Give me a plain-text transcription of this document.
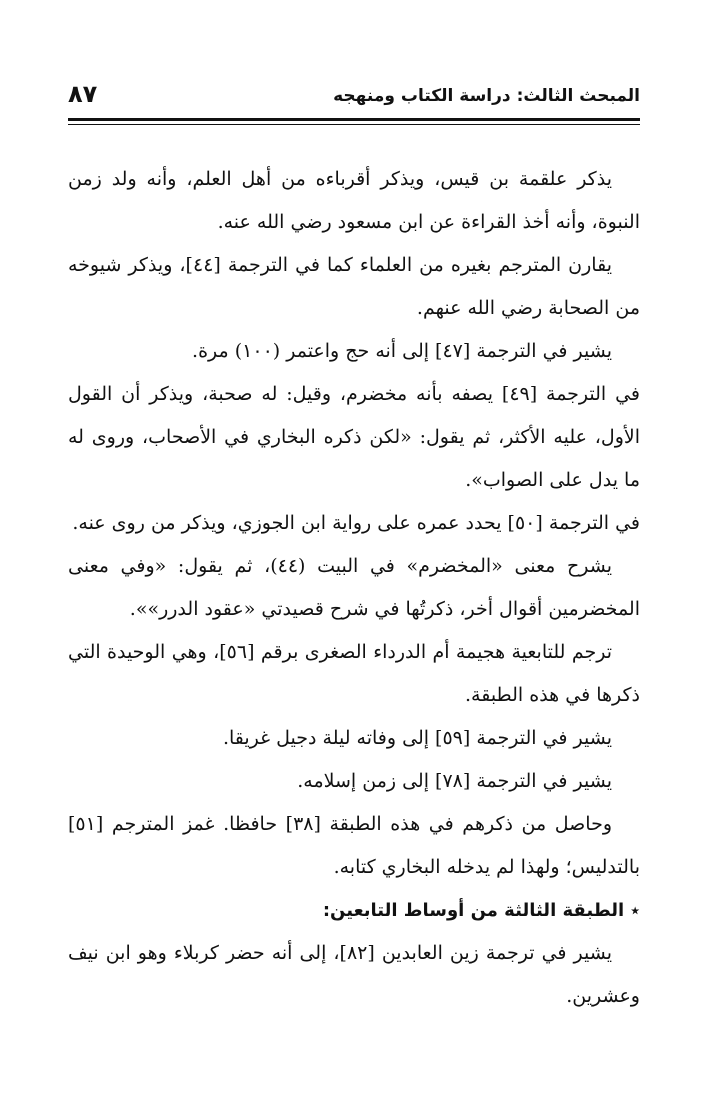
المبحث الثالث: دراسة الكتاب ومنهجه
٨٧

يذكر علقمة بن قيس، ويذكر أقرباءه من أهل العلم، وأنه ولد زمن النبوة، وأنه أخذ القراءة عن ابن مسعود رضي الله عنه.

يقارن المترجم بغيره من العلماء كما في الترجمة [٤٤]، ويذكر شيوخه من الصحابة رضي الله عنهم.

يشير في الترجمة [٤٧] إلى أنه حج واعتمر (١٠٠) مرة.

في الترجمة [٤٩] يصفه بأنه مخضرم، وقيل: له صحبة، ويذكر أن القول الأول، عليه الأكثر، ثم يقول: «لكن ذكره البخاري في الأصحاب، وروى له ما يدل على الصواب».

في الترجمة [٥٠] يحدد عمره على رواية ابن الجوزي، ويذكر من روى عنه.

يشرح معنى «المخضرم» في البيت (٤٤)، ثم يقول: «وفي معنى المخضرمين أقوال أخر، ذكرتُها في شرح قصيدتي «عقود الدرر»».

ترجم للتابعية هجيمة أم الدرداء الصغرى برقم [٥٦]، وهي الوحيدة التي ذكرها في هذه الطبقة.

يشير في الترجمة [٥٩] إلى وفاته ليلة دجيل غريقا.

يشير في الترجمة [٧٨] إلى زمن إسلامه.

وحاصل من ذكرهم في هذه الطبقة [٣٨] حافظا. غمز المترجم [٥١] بالتدليس؛ ولهذا لم يدخله البخاري كتابه.

٭الطبقة الثالثة من أوساط التابعين:

يشير في ترجمة زين العابدين [٨٢]، إلى أنه حضر كربلاء وهو ابن نيف وعشرين.
